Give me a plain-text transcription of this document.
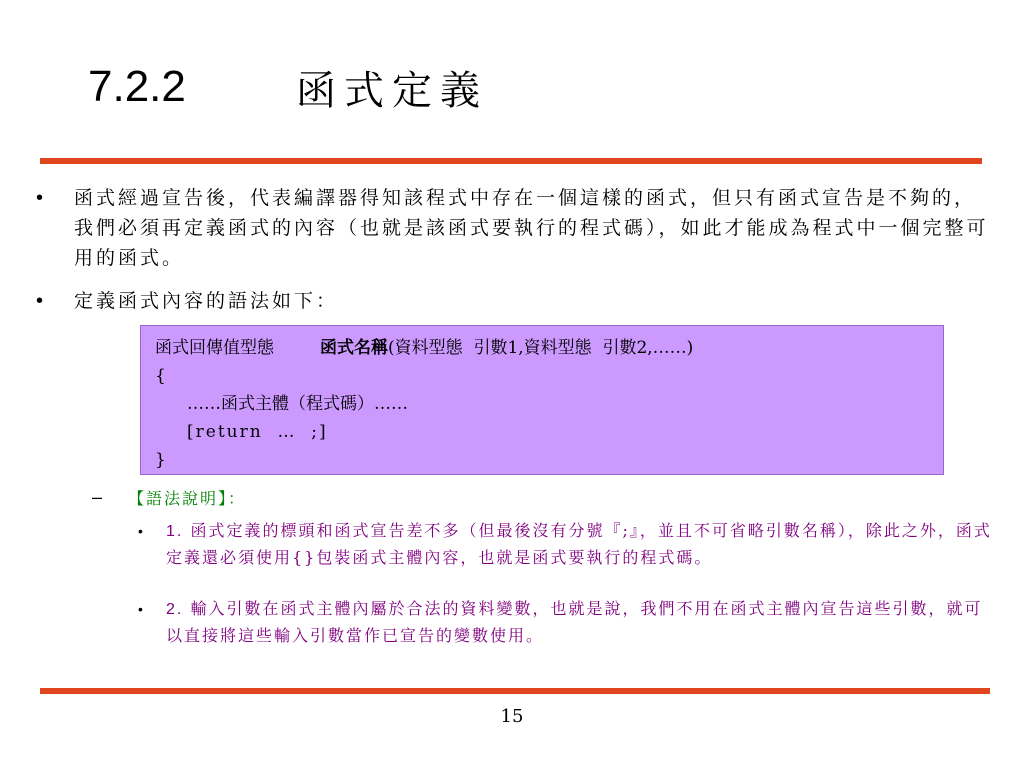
7.2.2	函式定義
•	函式經過宣告後，代表編譯器得知該程式中存在一個這樣的函式，但只有函式宣告是不夠的，我們必須再定義函式的內容（也就是該函式要執行的程式碼），如此才能成為程式中一個完整可用的函式。
•	定義函式內容的語法如下：
函式回傳值型態	函式名稱(資料型態  引數1,資料型態  引數2,……)
{
……函式主體（程式碼）……
[return  …  ;]
}
–	【語法說明】：
•	1. 函式定義的標頭和函式宣告差不多（但最後沒有分號『;』，並且不可省略引數名稱），除此之外，函式定義還必須使用{}包裝函式主體內容，也就是函式要執行的程式碼。
•	2. 輸入引數在函式主體內屬於合法的資料變數，也就是說，我們不用在函式主體內宣告這些引數，就可以直接將這些輸入引數當作已宣告的變數使用。
15
